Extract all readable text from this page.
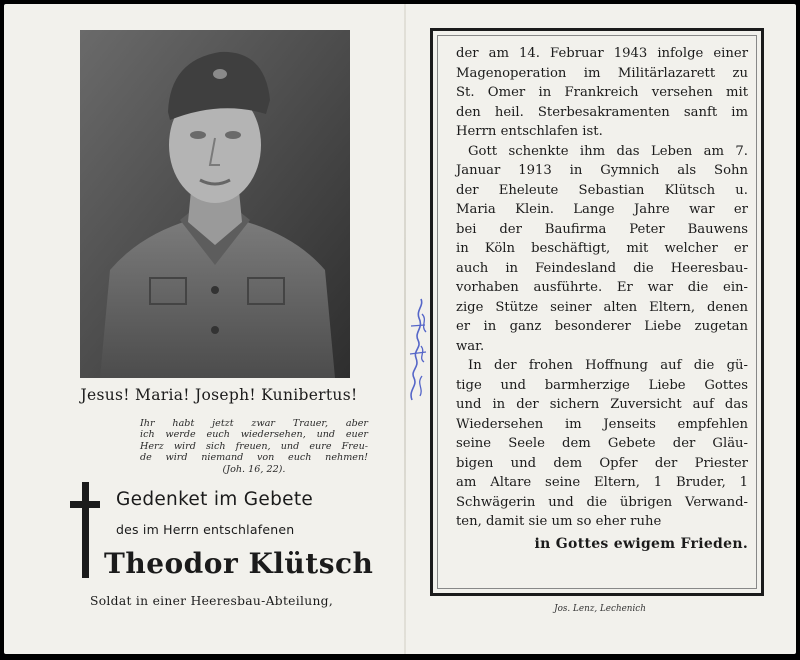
Jesus! Maria! Joseph! Kunibertus!
Ihr habt jetzt zwar Trauer, aber
ich werde euch wiedersehen, und euer
Herz wird sich freuen, und eure Freu-
de wird niemand von euch nehmen!
(Joh. 16, 22).
Gedenket im Gebete
des im Herrn entschlafenen
Theodor Klütsch
Soldat in einer Heeresbau-Abteilung,
der am 14. Februar 1943 infolge einer
Magenoperation im Militärlazarett zu
St. Omer in Frankreich versehen mit
den heil. Sterbesakramenten sanft im
Herrn entschlafen ist.
Gott schenkte ihm das Leben am 7.
Januar 1913 in Gymnich als Sohn
der Eheleute Sebastian Klütsch u.
Maria Klein. Lange Jahre war er
bei der Baufirma Peter Bauwens
in Köln beschäftigt, mit welcher er
auch in Feindesland die Heeresbau-
vorhaben ausführte. Er war die ein-
zige Stütze seiner alten Eltern, denen
er in ganz besonderer Liebe zugetan
war.
In der frohen Hoffnung auf die gü-
tige und barmherzige Liebe Gottes
und in der sichern Zuversicht auf das
Wiedersehen im Jenseits empfehlen
seine Seele dem Gebete der Gläu-
bigen und dem Opfer der Priester
am Altare seine Eltern, 1 Bruder, 1
Schwägerin und die übrigen Verwand-
ten, damit sie um so eher ruhe
in Gottes ewigem Frieden.
Jos. Lenz, Lechenich
